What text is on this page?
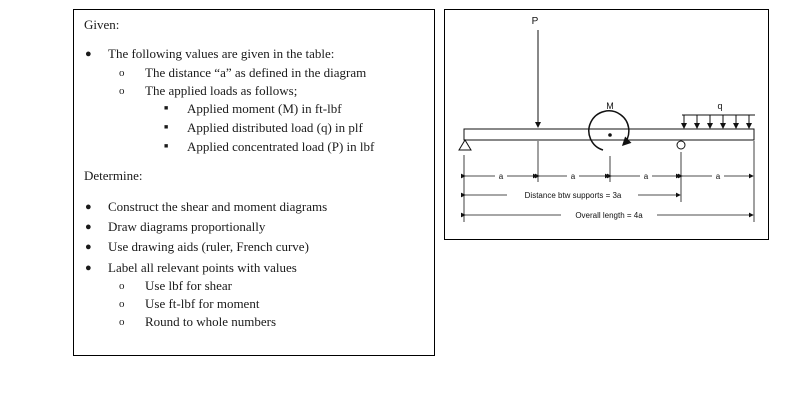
Given:
● The following values are given in the table:
o The distance “a” as defined in the diagram
o The applied loads as follows;
■ Applied moment (M) in ft-lbf
■ Applied distributed load (q) in plf
■ Applied concentrated load (P) in lbf
Determine:
● Construct the shear and moment diagrams
● Draw diagrams proportionally
● Use drawing aids (ruler, French curve)
● Label all relevant points with values
o Use lbf for shear
o Use ft-lbf for moment
o Round to whole numbers
P
M	q
a	a	a	a
Distance btw supports = 3a
Overall length = 4a
